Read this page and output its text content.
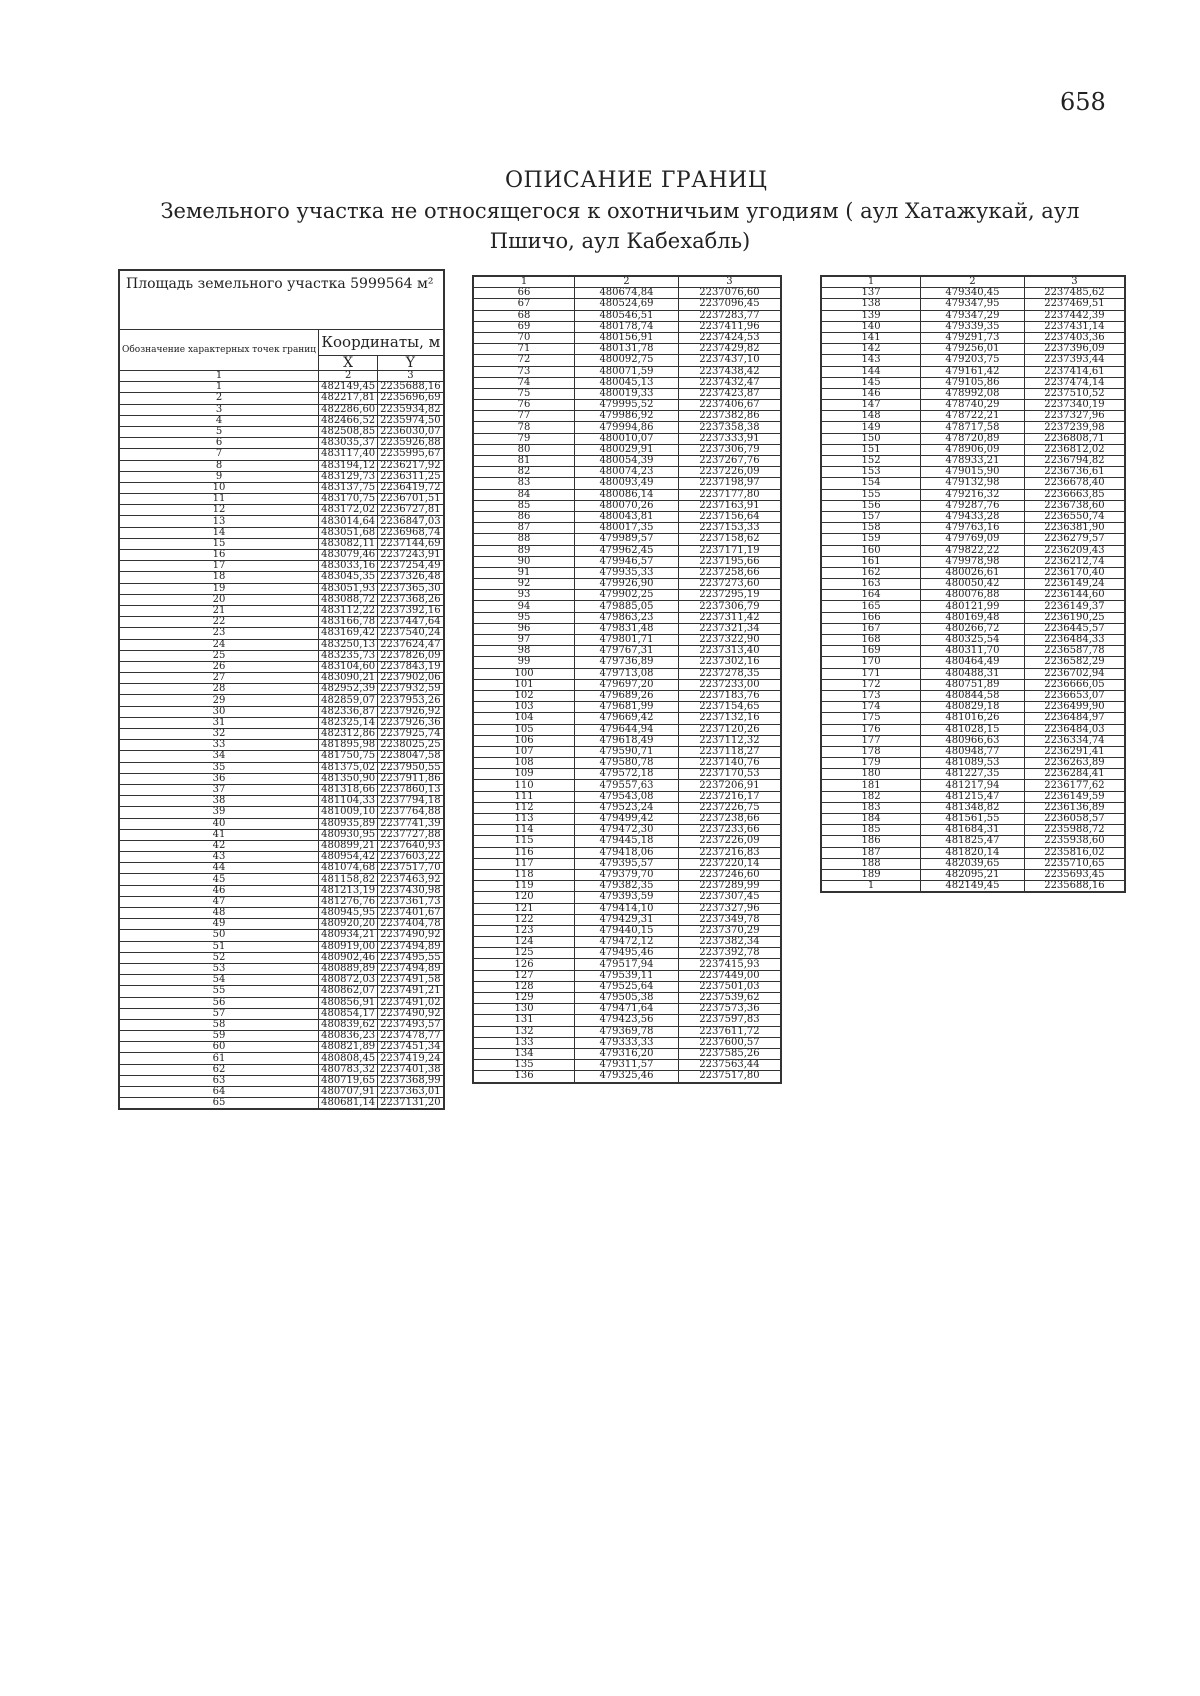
658
ОПИСАНИЕ ГРАНИЦ
Земельного участка не относящегося к охотничьим угодиям ( аул Хатажукай, аул Пшичо, аул Кабехабль)
Площадь земельного участка 5999564 м²		
Обозначение характерных точек границ	Координаты, м	
	X	Y
1	2	3
1	482149,45	2235688,16
2	482217,81	2235696,69
3	482286,60	2235934,82
4	482466,52	2235974,50
5	482508,85	2236030,07
6	483035,37	2235926,88
7	483117,40	2235995,67
8	483194,12	2236217,92
9	483129,73	2236311,25
10	483137,75	2236419,72
11	483170,75	2236701,51
12	483172,02	2236727,81
13	483014,64	2236847,03
14	483051,68	2236968,74
15	483082,11	2237144,69
16	483079,46	2237243,91
17	483033,16	2237254,49
18	483045,35	2237326,48
19	483051,93	2237365,30
20	483088,72	2237368,26
21	483112,22	2237392,16
22	483166,78	2237447,64
23	483169,42	2237540,24
24	483250,13	2237624,47
25	483235,73	2237826,09
26	483104,60	2237843,19
27	483090,21	2237902,06
28	482952,39	2237932,59
29	482859,07	2237953,26
30	482336,87	2237926,92
31	482325,14	2237926,36
32	482312,86	2237925,74
33	481895,98	2238025,25
34	481750,75	2238047,58
35	481375,02	2237950,55
36	481350,90	2237911,86
37	481318,66	2237860,13
38	481104,33	2237794,18
39	481009,10	2237764,88
40	480935,89	2237741,39
41	480930,95	2237727,88
42	480899,21	2237640,93
43	480954,42	2237603,22
44	481074,68	2237517,70
45	481158,82	2237463,92
46	481213,19	2237430,98
47	481276,76	2237361,73
48	480945,95	2237401,67
49	480920,20	2237404,78
50	480934,21	2237490,92
51	480919,00	2237494,89
52	480902,46	2237495,55
53	480889,89	2237494,89
54	480872,03	2237491,58
55	480862,07	2237491,21
56	480856,91	2237491,02
57	480854,17	2237490,92
58	480839,62	2237493,57
59	480836,23	2237478,77
60	480821,89	2237451,34
61	480808,45	2237419,24
62	480783,32	2237401,38
63	480719,65	2237368,99
64	480707,91	2237363,01
65	480681,14	2237131,20
1	2	3
66	480674,84	2237076,60
67	480524,69	2237096,45
68	480546,51	2237283,77
69	480178,74	2237411,96
70	480156,91	2237424,53
71	480131,78	2237429,82
72	480092,75	2237437,10
73	480071,59	2237438,42
74	480045,13	2237432,47
75	480019,33	2237423,87
76	479995,52	2237406,67
77	479986,92	2237382,86
78	479994,86	2237358,38
79	480010,07	2237333,91
80	480029,91	2237306,79
81	480054,39	2237267,76
82	480074,23	2237226,09
83	480093,49	2237198,97
84	480086,14	2237177,80
85	480070,26	2237163,91
86	480043,81	2237156,64
87	480017,35	2237153,33
88	479989,57	2237158,62
89	479962,45	2237171,19
90	479946,57	2237195,66
91	479935,33	2237258,66
92	479926,90	2237273,60
93	479902,25	2237295,19
94	479885,05	2237306,79
95	479863,23	2237311,42
96	479831,48	2237321,34
97	479801,71	2237322,90
98	479767,31	2237313,40
99	479736,89	2237302,16
100	479713,08	2237278,35
101	479697,20	2237233,00
102	479689,26	2237183,76
103	479681,99	2237154,65
104	479669,42	2237132,16
105	479644,94	2237120,26
106	479618,49	2237112,32
107	479590,71	2237118,27
108	479580,78	2237140,76
109	479572,18	2237170,53
110	479557,63	2237206,91
111	479543,08	2237216,17
112	479523,24	2237226,75
113	479499,42	2237238,66
114	479472,30	2237233,66
115	479445,18	2237226,09
116	479418,06	2237216,83
117	479395,57	2237220,14
118	479379,70	2237246,60
119	479382,35	2237289,99
120	479393,59	2237307,45
121	479414,10	2237327,96
122	479429,31	2237349,78
123	479440,15	2237370,29
124	479472,12	2237382,34
125	479495,46	2237392,78
126	479517,94	2237415,93
127	479539,11	2237449,00
128	479525,64	2237501,03
129	479505,38	2237539,62
130	479471,64	2237573,36
131	479423,56	2237597,83
132	479369,78	2237611,72
133	479333,33	2237600,57
134	479316,20	2237585,26
135	479311,57	2237563,44
136	479325,46	2237517,80
1	2	3
137	479340,45	2237485,62
138	479347,95	2237469,51
139	479347,29	2237442,39
140	479339,35	2237431,14
141	479291,73	2237403,36
142	479256,01	2237396,09
143	479203,75	2237393,44
144	479161,42	2237414,61
145	479105,86	2237474,14
146	478992,08	2237510,52
147	478740,29	2237340,19
148	478722,21	2237327,96
149	478717,58	2237239,98
150	478720,89	2236808,71
151	478906,09	2236812,02
152	478933,21	2236794,82
153	479015,90	2236736,61
154	479132,98	2236678,40
155	479216,32	2236663,85
156	479287,76	2236738,60
157	479433,28	2236550,74
158	479763,16	2236381,90
159	479769,09	2236279,57
160	479822,22	2236209,43
161	479978,98	2236212,74
162	480026,61	2236170,40
163	480050,42	2236149,24
164	480076,88	2236144,60
165	480121,99	2236149,37
166	480169,48	2236190,25
167	480266,72	2236445,57
168	480325,54	2236484,33
169	480311,70	2236587,78
170	480464,49	2236582,29
171	480488,31	2236702,94
172	480751,89	2236666,05
173	480844,58	2236653,07
174	480829,18	2236499,90
175	481016,26	2236484,97
176	481028,15	2236484,03
177	480966,63	2236334,74
178	480948,77	2236291,41
179	481089,53	2236263,89
180	481227,35	2236284,41
181	481217,94	2236177,62
182	481215,47	2236149,59
183	481348,82	2236136,89
184	481561,55	2236058,57
185	481684,31	2235988,72
186	481825,47	2235938,60
187	481820,14	2235816,02
188	482039,65	2235710,65
189	482095,21	2235693,45
1	482149,45	2235688,16
